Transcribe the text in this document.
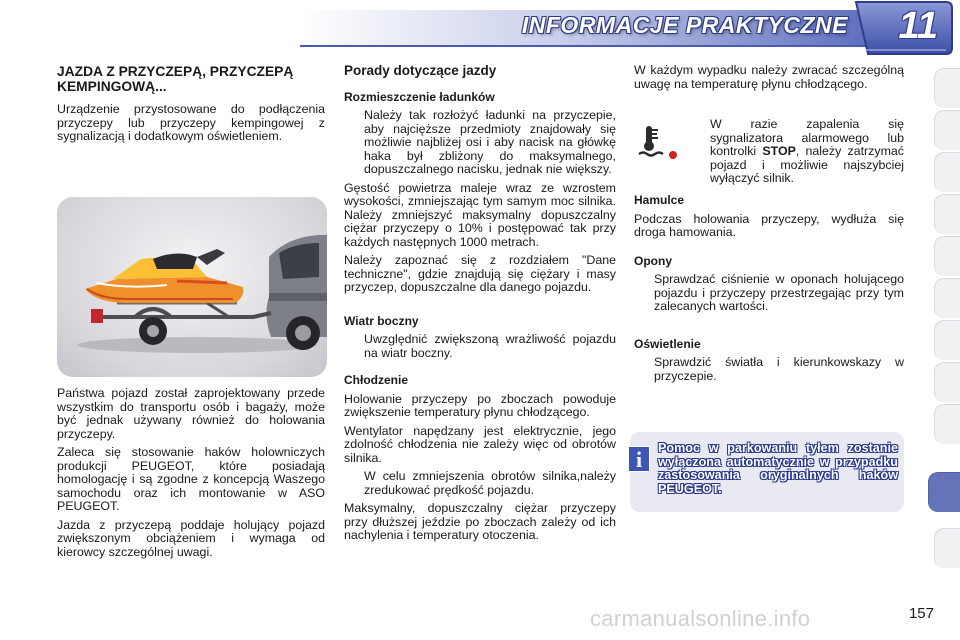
INFORMACJE PRAKTYCZNE 11
JAZDA Z PRZYCZEPĄ, PRZYCZEPĄ KEMPINGOWĄ...

Urządzenie przystosowane do podłączenia przyczepy lub przyczepy kempingowej z sygnalizacją i dodatkowym oświetleniem.

Państwa pojazd został zaprojektowany przede wszystkim do transportu osób i bagaży, może być jednak używany również do holowania przyczepy.

Zaleca się stosowanie haków holowniczych produkcji PEUGEOT, które posiadają homologację i są zgodne z koncepcją Waszego samochodu oraz ich montowanie w ASO PEUGEOT.

Jazda z przyczepą poddaje holujący pojazd zwiększonym obciążeniem i wymaga od kierowcy szczególnej uwagi.

Porady dotyczące jazdy
Rozmieszczenie ładunków
Należy tak rozłożyć ładunki na przyczepie, aby najcięższe przedmioty znajdowały się możliwie najbliżej osi i aby nacisk na główkę haka był zbliżony do maksymalnego, dopuszczalnego nacisku, jednak nie większy.

Gęstość powietrza maleje wraz ze wzrostem wysokości, zmniejszając tym samym moc silnika. Należy zmniejszyć maksymalny dopuszczalny ciężar przyczepy o 10% i postępować tak przy każdych następnych 1000 metrach.

Należy zapoznać się z rozdziałem "Dane techniczne", gdzie znajdują się ciężary i masy przyczep, dopuszczalne dla danego pojazdu.

Wiatr boczny
Uwzględnić zwiększoną wrażliwość pojazdu na wiatr boczny.
Chłodzenie

Holowanie przyczepy po zboczach powoduje zwiększenie temperatury płynu chłodzącego.

Wentylator napędzany jest elektrycznie, jego zdolność chłodzenia nie zależy więc od obrotów silnika.

W celu zmniejszenia obrotów silnika,należy zredukować prędkość pojazdu.

Maksymalny, dopuszczalny ciężar przyczepy przy dłuższej jeździe po zboczach zależy od ich nachylenia i temperatury otoczenia.

W każdym wypadku należy zwracać szczególną uwagę na temperaturę płynu chłodzącego.

W razie zapalenia się sygnalizatora alarmowego lub kontrolki STOP, należy zatrzymać pojazd i możliwie najszybciej wyłączyć silnik.
Hamulce

Podczas holowania przyczepy, wydłuża się droga hamowania.

Opony
Sprawdzać ciśnienie w oponach holującego pojazdu i przyczepy przestrzegając przy tym zalecanych wartości.
Oświetlenie
Sprawdzić światła i kierunkowskazy w przyczepie.
i	Pomoc w parkowaniu tyłem zostanie wyłączona automatycznie w przypadku zastosowania oryginalnych haków PEUGEOT.
carmanualsonline.info	157
